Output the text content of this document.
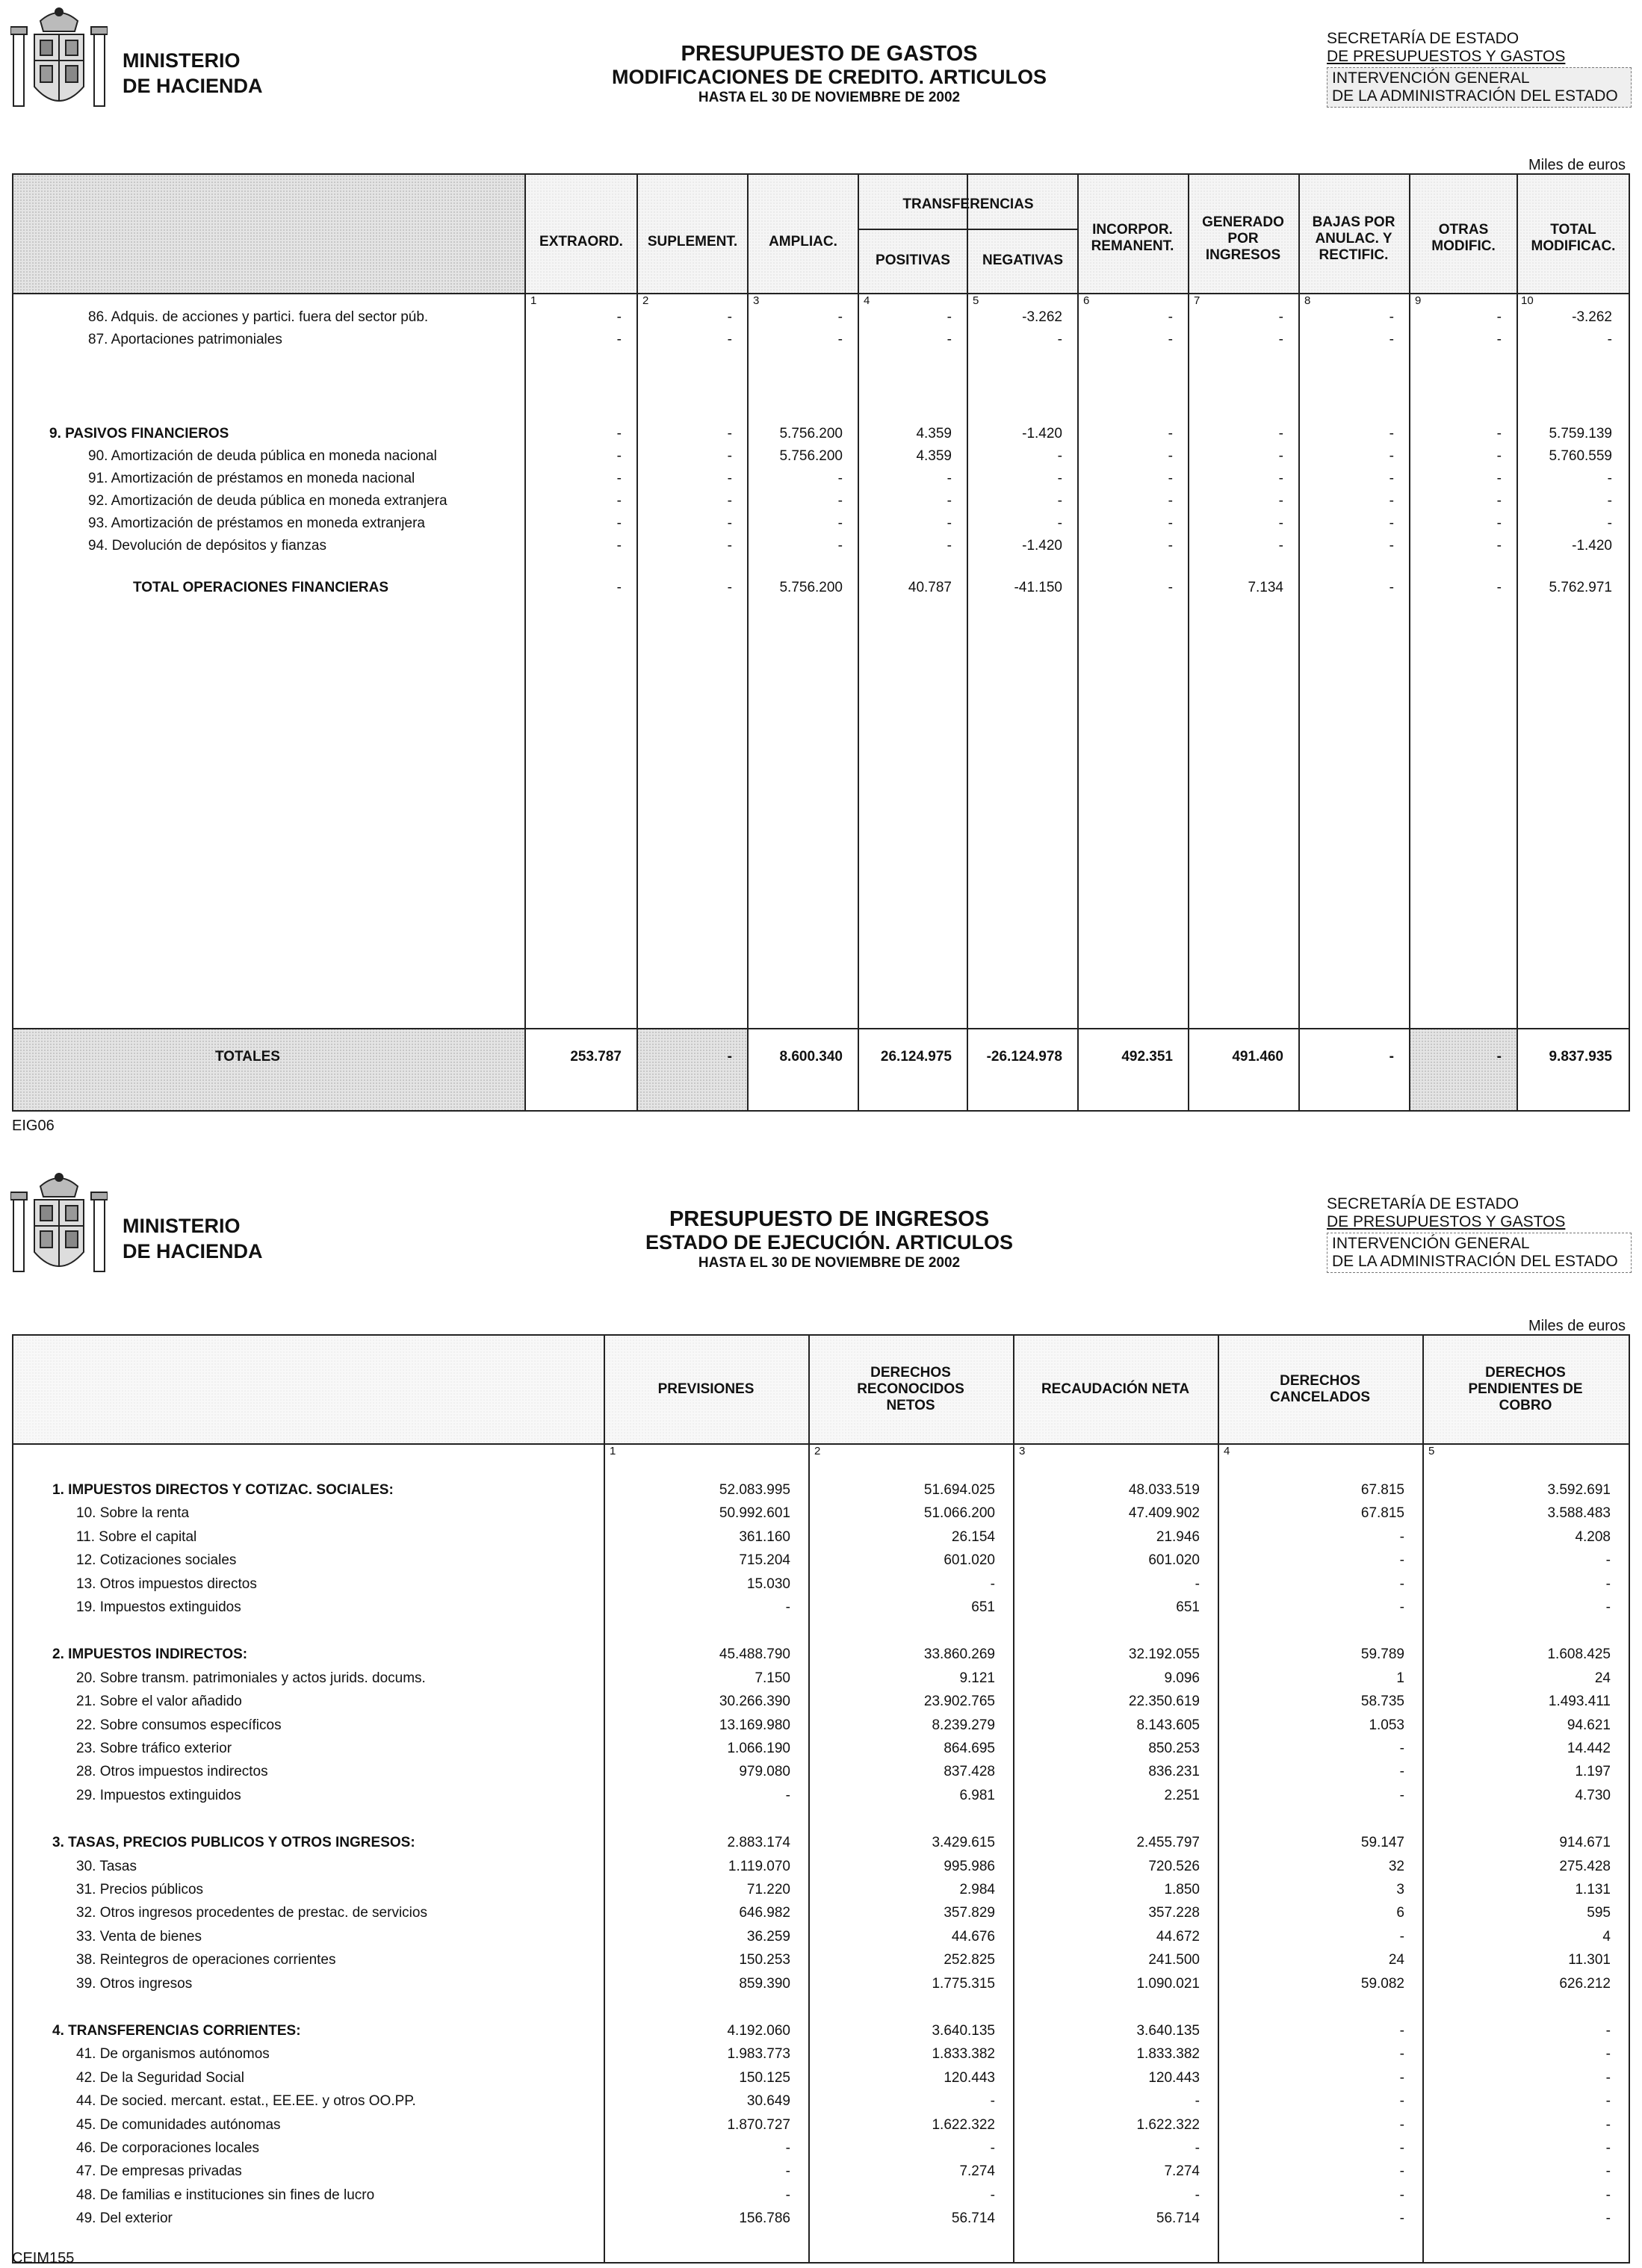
MINISTERIO
DE HACIENDA
PRESUPUESTO DE GASTOS
MODIFICACIONES DE CREDITO. ARTICULOS
HASTA EL 30 DE NOVIEMBRE DE 2002
SECRETARÍA DE ESTADO
DE PRESUPUESTOS Y GASTOS
INTERVENCIÓN GENERAL
DE LA ADMINISTRACIÓN DEL ESTADO
Miles de euros
EXTRAORD.	SUPLEMENT.	AMPLIAC.
TRANSFERENCIAS
POSITIVAS	NEGATIVAS
INCORPOR. REMANENT.
GENERADO POR INGRESOS
BAJAS POR ANULAC. Y RECTIFIC.
OTRAS MODIFIC.
TOTAL MODIFICAC.
1	2	3	4	5	6	7	8	9	10
86. Adquis. de acciones y partici. fuera del sector púb.	-	-	-	-	-3.262	-	-	-	-	-3.262
87. Aportaciones patrimoniales	-	-	-	-	-	-	-	-	-	-
9. PASIVOS FINANCIEROS	-	-	5.756.200	4.359	-1.420	-	-	-	-	5.759.139
90. Amortización de deuda pública en moneda nacional	-	-	5.756.200	4.359	-	-	-	-	-	5.760.559
91. Amortización de préstamos en moneda nacional	-	-	-	-	-	-	-	-	-	-
92. Amortización de deuda pública en moneda extranjera	-	-	-	-	-	-	-	-	-	-
93. Amortización de préstamos en moneda extranjera	-	-	-	-	-	-	-	-	-	-
94. Devolución de depósitos y fianzas	-	-	-	-	-1.420	-	-	-	-	-1.420
TOTAL OPERACIONES FINANCIERAS	-	-	5.756.200	40.787	-41.150	-	7.134	-	-	5.762.971
TOTALES	253.787	-	8.600.340	26.124.975	-26.124.978	492.351	491.460	-	-	9.837.935
EIG06
MINISTERIO
DE HACIENDA
PRESUPUESTO DE INGRESOS
ESTADO DE EJECUCIÓN. ARTICULOS
HASTA EL 30 DE NOVIEMBRE DE 2002
SECRETARÍA DE ESTADO
DE PRESUPUESTOS Y GASTOS
INTERVENCIÓN GENERAL
DE LA ADMINISTRACIÓN DEL ESTADO
Miles de euros
PREVISIONES
DERECHOS RECONOCIDOS NETOS
RECAUDACIÓN NETA
DERECHOS CANCELADOS
DERECHOS PENDIENTES DE COBRO
1	2	3	4	5
1. IMPUESTOS DIRECTOS Y COTIZAC. SOCIALES:	52.083.995	51.694.025	48.033.519	67.815	3.592.691
10. Sobre la renta	50.992.601	51.066.200	47.409.902	67.815	3.588.483
11. Sobre el capital	361.160	26.154	21.946	-	4.208
12. Cotizaciones sociales	715.204	601.020	601.020	-	-
13. Otros impuestos directos	15.030	-	-	-	-
19. Impuestos extinguidos	-	651	651	-	-
2. IMPUESTOS INDIRECTOS:	45.488.790	33.860.269	32.192.055	59.789	1.608.425
20. Sobre transm. patrimoniales y actos jurids. docums.	7.150	9.121	9.096	1	24
21. Sobre el valor añadido	30.266.390	23.902.765	22.350.619	58.735	1.493.411
22. Sobre consumos específicos	13.169.980	8.239.279	8.143.605	1.053	94.621
23. Sobre tráfico exterior	1.066.190	864.695	850.253	-	14.442
28. Otros impuestos indirectos	979.080	837.428	836.231	-	1.197
29. Impuestos extinguidos	-	6.981	2.251	-	4.730
3. TASAS, PRECIOS PUBLICOS Y OTROS INGRESOS:	2.883.174	3.429.615	2.455.797	59.147	914.671
30. Tasas	1.119.070	995.986	720.526	32	275.428
31. Precios públicos	71.220	2.984	1.850	3	1.131
32. Otros ingresos procedentes de prestac. de servicios	646.982	357.829	357.228	6	595
33. Venta de bienes	36.259	44.676	44.672	-	4
38. Reintegros de operaciones corrientes	150.253	252.825	241.500	24	11.301
39. Otros ingresos	859.390	1.775.315	1.090.021	59.082	626.212
4. TRANSFERENCIAS CORRIENTES:	4.192.060	3.640.135	3.640.135	-	-
41. De organismos autónomos	1.983.773	1.833.382	1.833.382	-	-
42. De la Seguridad Social	150.125	120.443	120.443	-	-
44. De socied. mercant. estat., EE.EE. y otros OO.PP.	30.649	-	-	-	-
45. De comunidades autónomas	1.870.727	1.622.322	1.622.322	-	-
46. De corporaciones locales	-	-	-	-	-
47. De empresas privadas	-	7.274	7.274	-	-
48. De familias e instituciones sin fines de lucro	-	-	-	-	-
49. Del exterior	156.786	56.714	56.714	-	-
CEIM155
